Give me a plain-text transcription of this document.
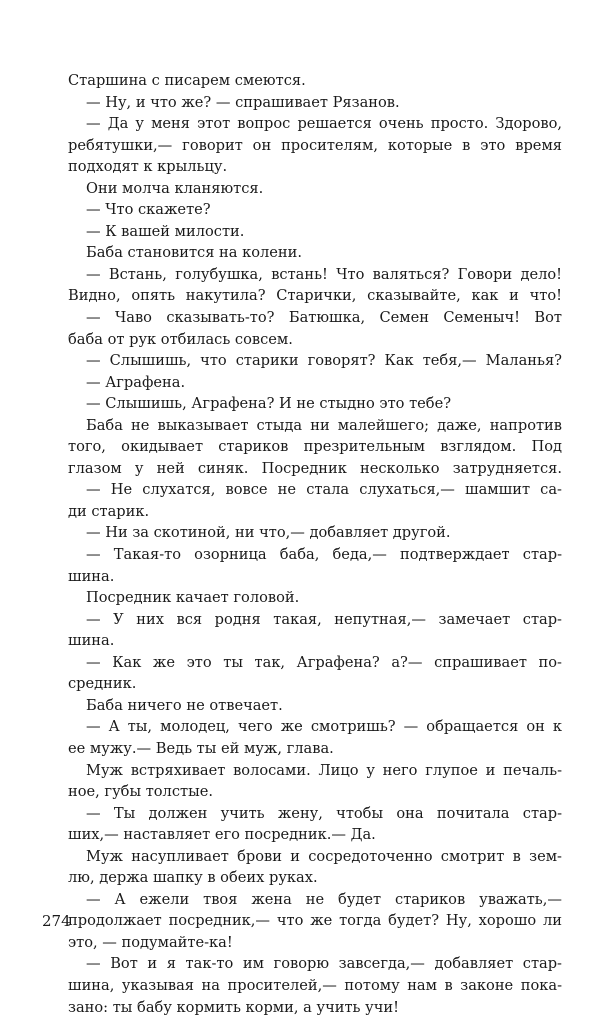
Старшина с писарем смеются.
— Ну, и что же? — спрашивает Рязанов.
— Да у меня этот вопрос решается очень просто. Здорово,
ребятушки,— говорит он просителям, которые в это время
подходят к крыльцу.
Они молча кланяются.
— Что скажете?
— К вашей милости.
Баба становится на колени.
— Встань, голубушка, встань! Что валяться? Говори дело!
Видно, опять накутила? Старички, сказывайте, как и что!
— Чаво сказывать-то? Батюшка, Семен Семеныч! Вот
баба от рук отбилась совсем.
— Слышишь, что старики говорят? Как тебя,— Маланья?
— Аграфена.
— Слышишь, Аграфена? И не стыдно это тебе?
Баба не выказывает стыда ни малейшего; даже, напротив
того, окидывает стариков презрительным взглядом. Под
глазом у ней синяк. Посредник несколько затрудняется.
— Не слухатся, вовсе не стала слухаться,— шамшит са-
ди старик.
— Ни за скотиной, ни что,— добавляет другой.
— Такая-то озорница баба, беда,— подтверждает стар-
шина.
Посредник качает головой.
— У них вся родня такая, непутная,— замечает стар-
шина.
— Как же это ты так, Аграфена? а?— спрашивает по-
средник.
Баба ничего не отвечает.
— А ты, молодец, чего же смотришь? — обращается он к
ее мужу.— Ведь ты ей муж, глава.
Муж встряхивает волосами. Лицо у него глупое и печаль-
ное, губы толстые.
— Ты должен учить жену, чтобы она почитала стар-
ших,— наставляет его посредник.— Да.
Муж насупливает брови и сосредоточенно смотрит в зем-
лю, держа шапку в обеих руках.
— А ежели твоя жена не будет стариков уважать,—
продолжает посредник,— что же тогда будет? Ну, хорошо ли
это, — подумайте-ка!
— Вот и я так-то им говорю завсегда,— добавляет стар-
шина, указывая на просителей,— потому нам в законе пока-
зано: ты бабу кормить корми, а учить учи!
274
